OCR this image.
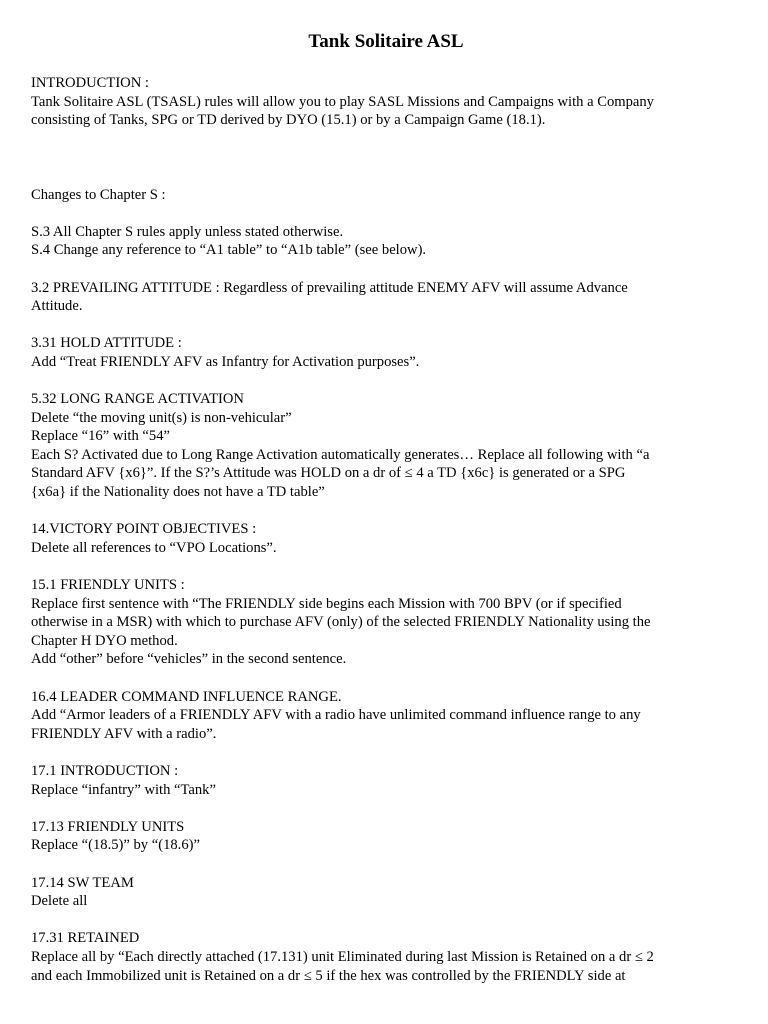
Tank Solitaire ASL
INTRODUCTION :
Tank Solitaire ASL (TSASL) rules will allow you to play SASL Missions and Campaigns with a Company
consisting of Tanks, SPG or TD derived by DYO (15.1) or by a Campaign Game (18.1).
Changes to Chapter S :
S.3 All Chapter S rules apply unless stated otherwise.
S.4 Change any reference to “A1 table” to “A1b table” (see below).
3.2 PREVAILING ATTITUDE : Regardless of prevailing attitude ENEMY AFV will assume Advance
Attitude.
3.31 HOLD ATTITUDE :
Add “Treat FRIENDLY AFV as Infantry for Activation purposes”.
5.32 LONG RANGE ACTIVATION
Delete “the moving unit(s) is non-vehicular”
Replace “16” with “54”
Each S? Activated due to Long Range Activation automatically generates… Replace all following with “a
Standard AFV {x6}”. If the S?’s Attitude was HOLD on a dr of ≤ 4 a TD {x6c} is generated or a SPG
{x6a} if the Nationality does not have a TD table”
14.VICTORY POINT OBJECTIVES :
Delete all references to “VPO Locations”.
15.1 FRIENDLY UNITS :
Replace first sentence with “The FRIENDLY side begins each Mission with 700 BPV (or if specified
otherwise in a MSR) with which to purchase AFV (only) of the selected FRIENDLY Nationality using the
Chapter H DYO method.
Add “other” before “vehicles” in the second sentence.
16.4 LEADER COMMAND INFLUENCE RANGE.
Add “Armor leaders of a FRIENDLY AFV with a radio have unlimited command influence range to any
FRIENDLY AFV with a radio”.
17.1 INTRODUCTION :
Replace “infantry” with “Tank”
17.13 FRIENDLY UNITS
Replace “(18.5)” by “(18.6)”
17.14 SW TEAM
Delete all
17.31 RETAINED
Replace all by “Each directly attached (17.131) unit Eliminated during last Mission is Retained on a dr ≤ 2
and each Immobilized unit is Retained on a dr ≤ 5 if the hex was controlled by the FRIENDLY side at
